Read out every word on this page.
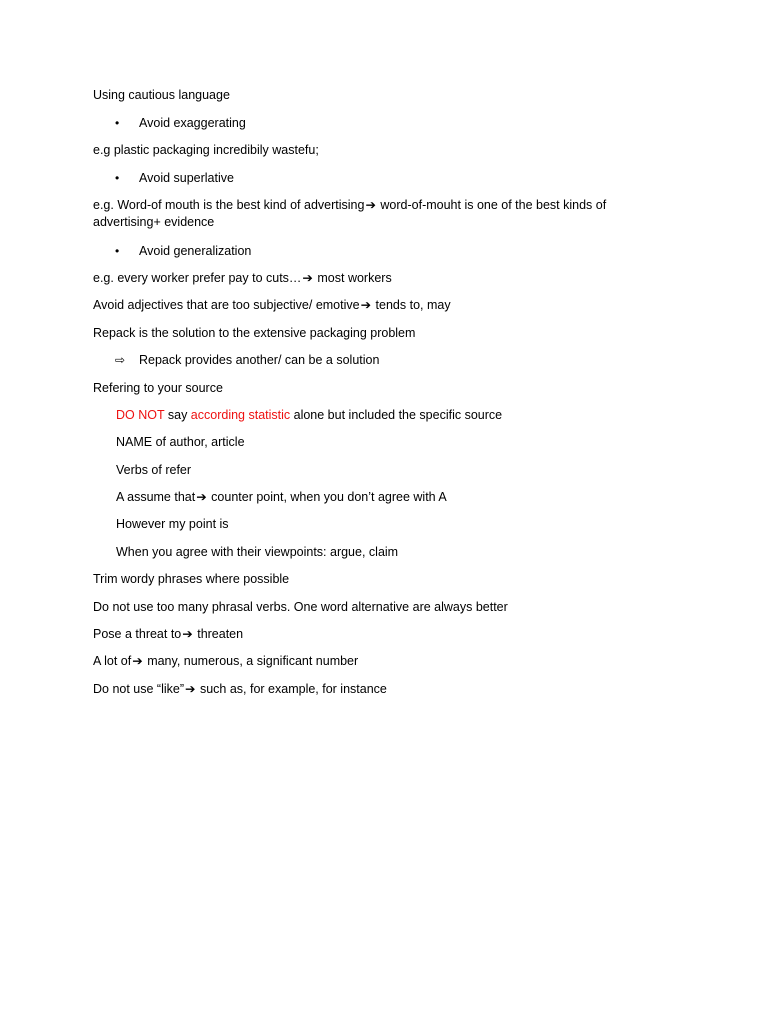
Using cautious language
• Avoid exaggerating
e.g plastic packaging incredibily wastefu;
• Avoid superlative
e.g. Word-of mouth is the best kind of advertising➔ word-of-mouht is one of the best kinds of advertising+ evidence
• Avoid generalization
e.g. every worker prefer pay to cuts…➔ most workers
Avoid adjectives that are too subjective/ emotive➔ tends to, may
Repack is the solution to the extensive packaging problem
⇨ Repack provides another/ can be a solution
Refering to your source
DO NOT say according statistic alone but included the specific source
NAME of author, article
Verbs of refer
A assume that➔ counter point, when you don’t agree with A
However my point is
When you agree with their viewpoints: argue, claim
Trim wordy phrases where possible
Do not use too many phrasal verbs. One word alternative are always better
Pose a threat to➔ threaten
A lot of➔ many, numerous, a significant number
Do not use “like”➔ such as, for example, for instance
